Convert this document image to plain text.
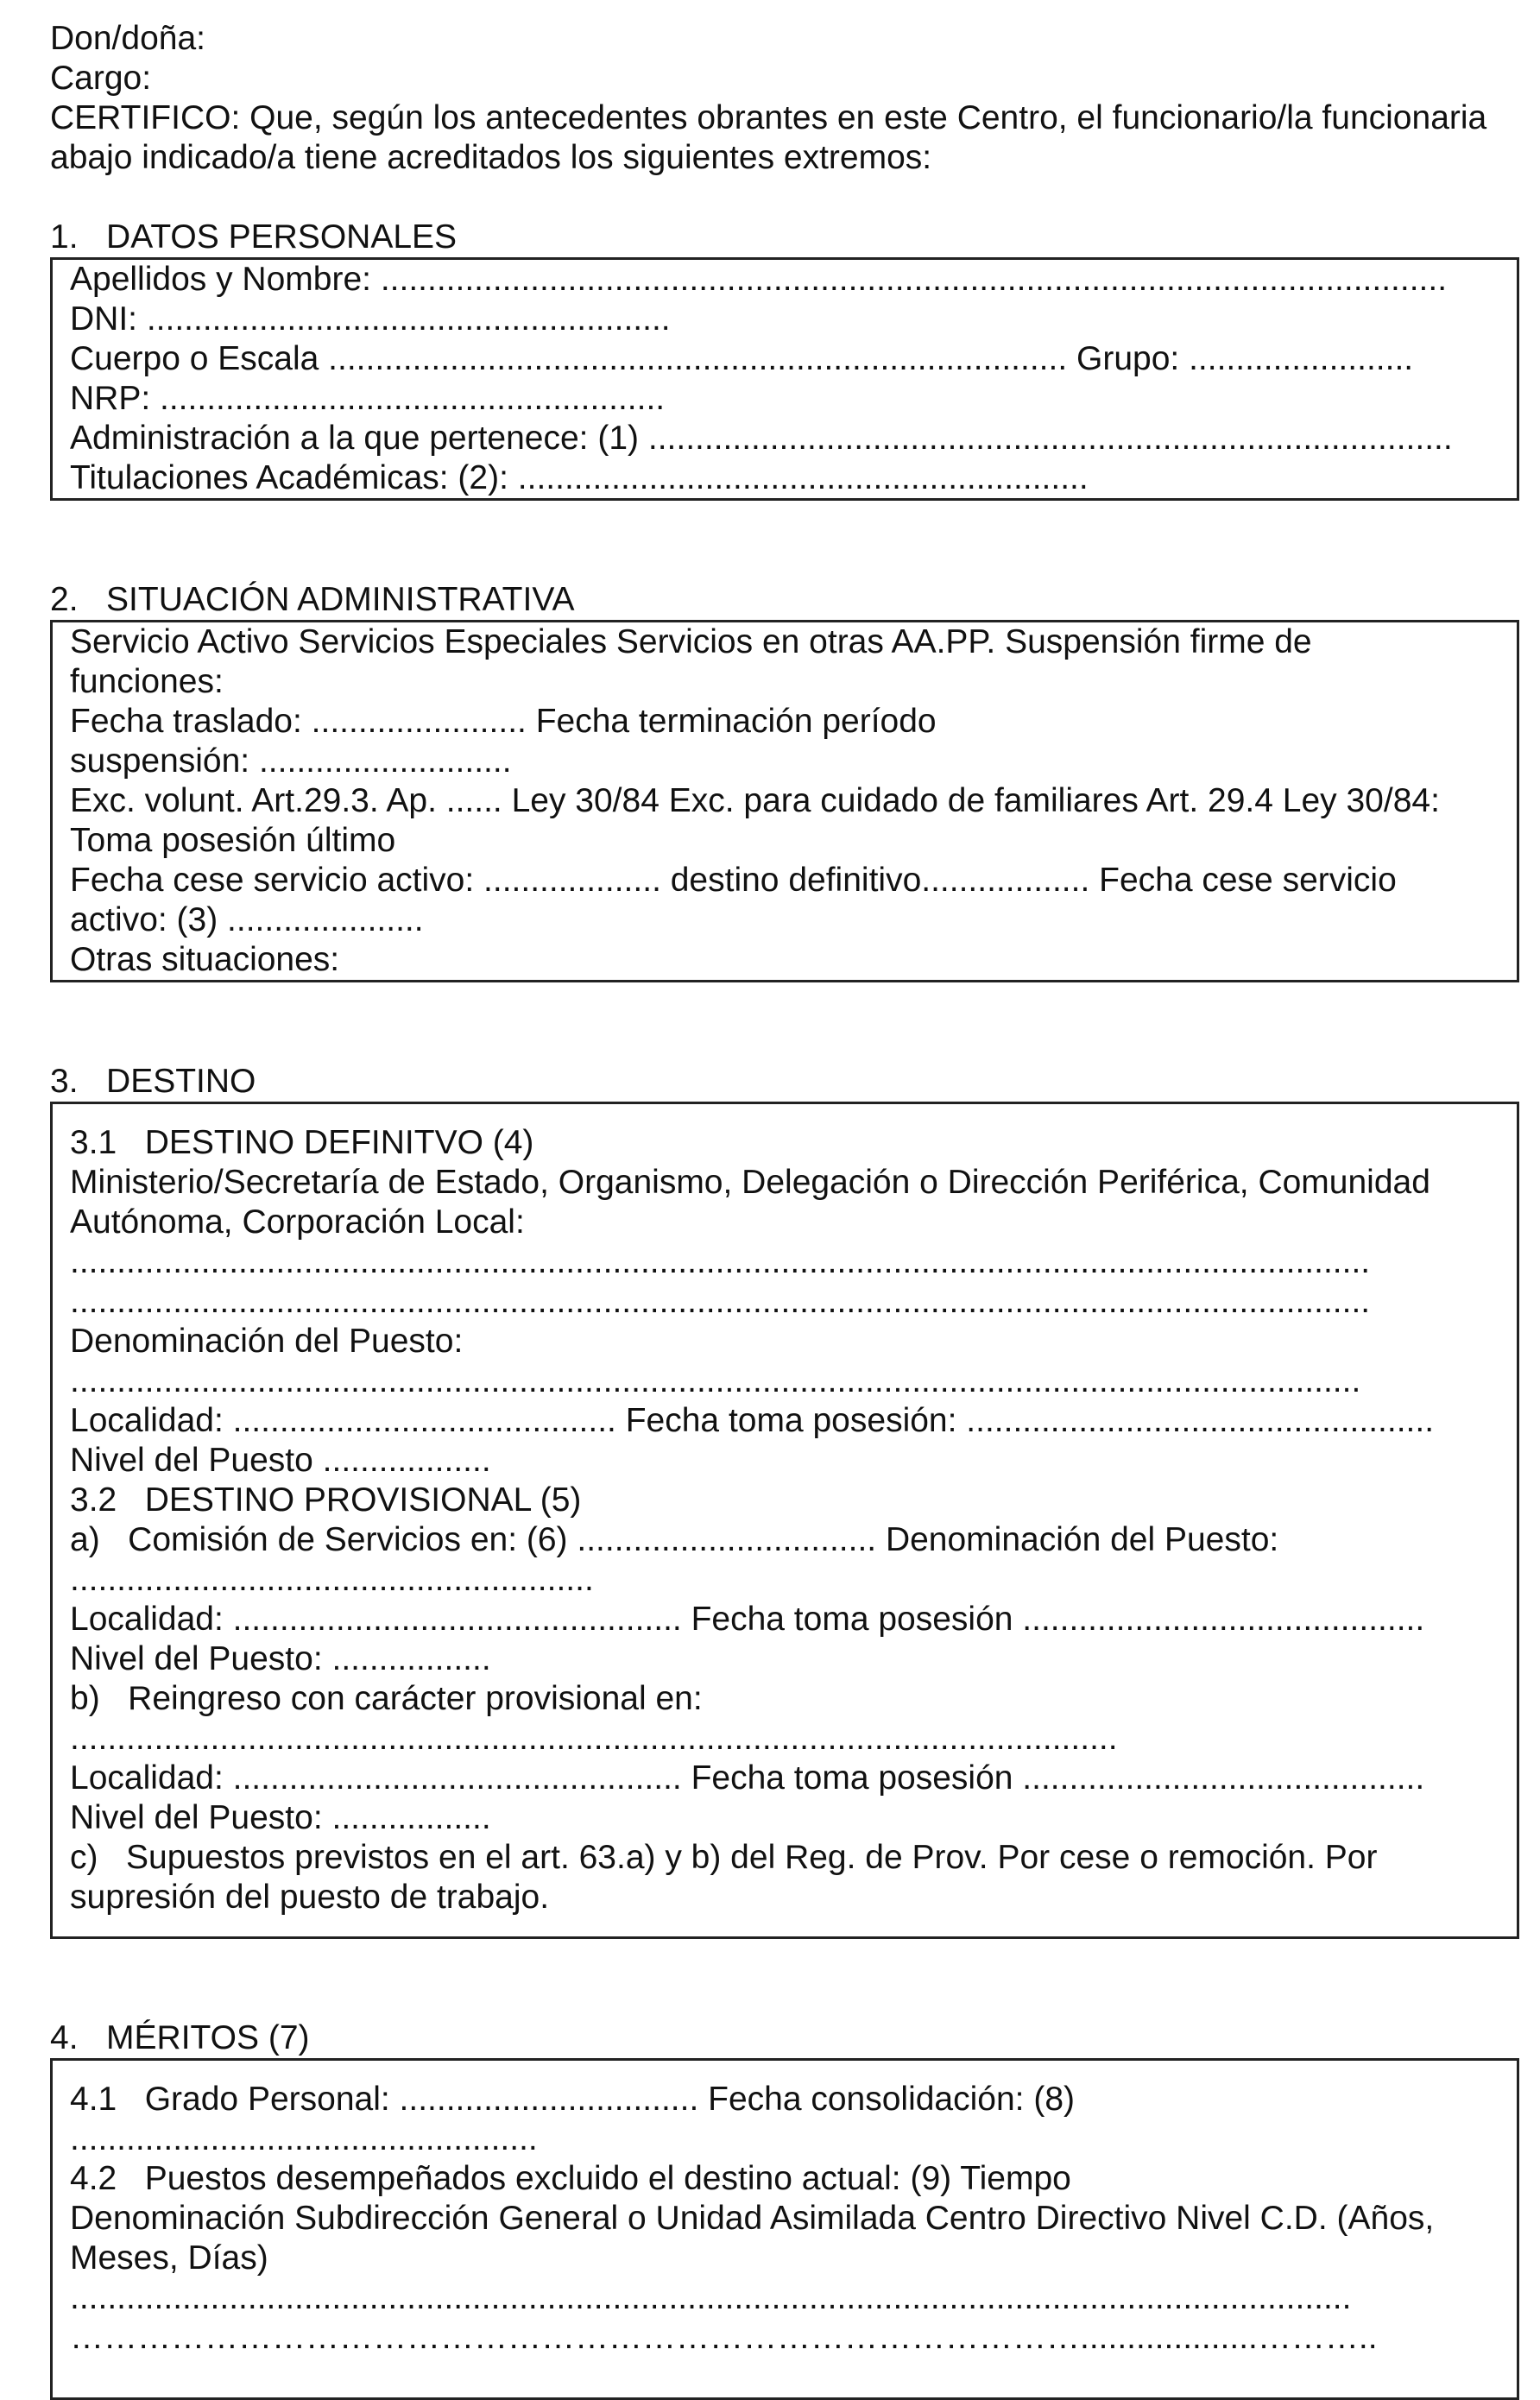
Don/doña:
Cargo:
CERTIFICO: Que, según los antecedentes obrantes en este Centro, el funcionario/la funcionaria abajo indicado/a tiene acreditados los siguientes extremos:
1.   DATOS PERSONALES
Apellidos y Nombre: ..................................................................................................................
DNI: ........................................................
Cuerpo o Escala ............................................................................... Grupo: ........................
NRP: ......................................................
Administración a la que pertenece: (1) ......................................................................................
Titulaciones Académicas: (2): .............................................................
2.   SITUACIÓN ADMINISTRATIVA
Servicio Activo Servicios Especiales Servicios en otras AA.PP. Suspensión firme de
funciones:
Fecha traslado: ....................... Fecha terminación período
suspensión: ...........................
Exc. volunt. Art.29.3. Ap. ...... Ley 30/84 Exc. para cuidado de familiares Art. 29.4 Ley 30/84:
Toma posesión último
Fecha cese servicio activo: ................... destino definitivo.................. Fecha cese servicio
activo: (3) .....................
Otras situaciones:
3.   DESTINO
3.1   DESTINO DEFINITVO (4)
Ministerio/Secretaría de Estado, Organismo, Delegación o Dirección Periférica, Comunidad
Autónoma, Corporación Local:
...........................................................................................................................................
...........................................................................................................................................
Denominación del Puesto:
..........................................................................................................................................
Localidad: ......................................... Fecha toma posesión: ..................................................
Nivel del Puesto ..................
3.2   DESTINO PROVISIONAL (5)
a)   Comisión de Servicios en: (6) ................................ Denominación del Puesto:
........................................................
Localidad: ................................................ Fecha toma posesión ...........................................
Nivel del Puesto: .................
b)   Reingreso con carácter provisional en:
................................................................................................................
Localidad: ................................................ Fecha toma posesión ...........................................
Nivel del Puesto: .................
c)   Supuestos previstos en el art. 63.a) y b) del Reg. de Prov. Por cese o remoción. Por
supresión del puesto de trabajo.
4.   MÉRITOS (7)
4.1   Grado Personal: ................................ Fecha consolidación: (8)
..................................................
4.2   Puestos desempeñados excluido el destino actual: (9) Tiempo
Denominación Subdirección General o Unidad Asimilada Centro Directivo Nivel C.D. (Años,
Meses, Días)
.........................................................................................................................................
………………………………………………………………………………...................………..
